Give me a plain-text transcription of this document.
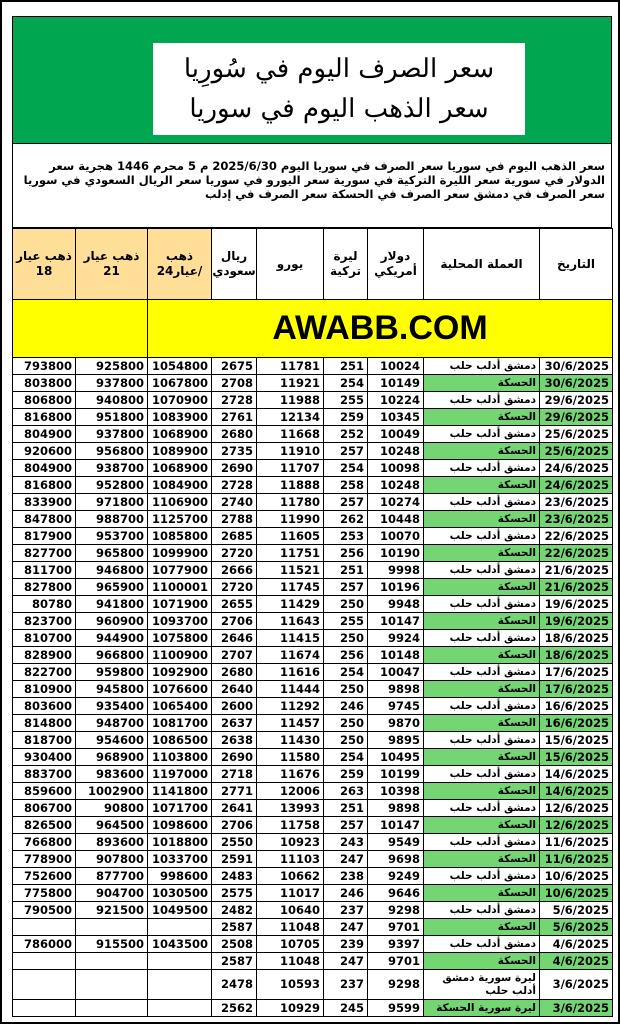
سعر الصرف اليوم في سُورِيا
سعر الذهب اليوم في سوريا
سعر الذهب اليوم في سوريا سعر الصرف في سوريا اليوم 2025/6/30 م 5 محرم 1446 هجرية سعر الدولار في سورية سعر الليرة التركية في سورية سعر اليورو في سوريا سعر الريال السعودي في سوريا سعر الصرف في دمشق سعر الصرف في الحسكة سعر الصرف في إدلب
ذهب عيار 18	ذهب عيار 21	ذهب عيار24/	ريال سعودي	يورو	ليرة تركية	دولار أمريكي	العملة المحلية	التاريخ
		AWABB.COM						
793800	925800	1054800	2675	11781	251	10024	دمشق أدلب حلب	30/6/2025
803800	937800	1067800	2708	11921	254	10149	الحسكة	30/6/2025
806800	940800	1070900	2728	11988	255	10224	دمشق أدلب حلب	29/6/2025
816800	951800	1083900	2761	12134	259	10345	الحسكة	29/6/2025
804900	937800	1068900	2680	11668	252	10049	دمشق أدلب حلب	25/6/2025
920600	956800	1089900	2735	11910	257	10248	الحسكة	25/6/2025
804900	938700	1068900	2690	11707	254	10098	دمشق أدلب حلب	24/6/2025
816800	952800	1084900	2728	11888	258	10248	الحسكة	24/6/2025
833900	971800	1106900	2740	11780	257	10274	دمشق أدلب حلب	23/6/2025
847800	988700	1125700	2788	11990	262	10448	الحسكة	23/6/2025
817900	953700	1085800	2685	11605	253	10070	دمشق أدلب حلب	22/6/2025
827700	965800	1099900	2720	11751	256	10190	الحسكة	22/6/2025
811700	946800	1077900	2666	11521	251	9998	دمشق أدلب حلب	21/6/2025
827800	965900	1100001	2720	11745	257	10196	الحسكة	21/6/2025
80780	941800	1071900	2655	11429	250	9948	دمشق أدلب حلب	19/6/2025
823700	960900	1093700	2706	11643	255	10147	الحسكة	19/6/2025
810700	944900	1075800	2646	11415	250	9924	دمشق أدلب حلب	18/6/2025
828900	966800	1100900	2707	11674	256	10148	الحسكة	18/6/2025
822700	959800	1092900	2680	11616	254	10047	دمشق أدلب حلب	17/6/2025
810900	945800	1076600	2640	11444	250	9898	الحسكة	17/6/2025
803600	935400	1065400	2600	11292	246	9745	دمشق أدلب حلب	16/6/2025
814800	948700	1081700	2637	11457	250	9870	الحسكة	16/6/2025
818700	954600	1086500	2638	11430	250	9895	دمشق أدلب حلب	15/6/2025
930400	968900	1103800	2690	11580	254	10495	الحسكة	15/6/2025
883700	983600	1197000	2718	11676	259	10199	دمشق أدلب حلب	14/6/2025
859600	1002900	1141800	2771	12006	263	10398	الحسكة	14/6/2025
806700	90800	1071700	2641	13993	251	9898	دمشق أدلب حلب	12/6/2025
826500	964500	1098600	2706	11758	257	10147	الحسكة	12/6/2025
766800	893600	1018800	2550	10923	243	9549	دمشق أدلب حلب	11/6/2025
778900	907800	1033700	2591	11103	247	9698	الحسكة	11/6/2025
752600	877700	998600	2483	10662	238	9249	دمشق أدلب حلب	10/6/2025
775800	904700	1030500	2575	11017	246	9646	الحسكة	10/6/2025
790500	921500	1049500	2482	10640	237	9298	دمشق أدلب حلب	5/6/2025
			2587	11048	247	9701	الحسكة	5/6/2025
786000	915500	1043500	2508	10705	239	9397	دمشق أدلب حلب	4/6/2025
			2587	11048	247	9701	الحسكة	4/6/2025
			2478	10593	237	9298	ليرة سورية دمشق أدلب حلب	3/6/2025
			2562	10929	245	9599	ليرة سورية الحسكة	3/6/2025
